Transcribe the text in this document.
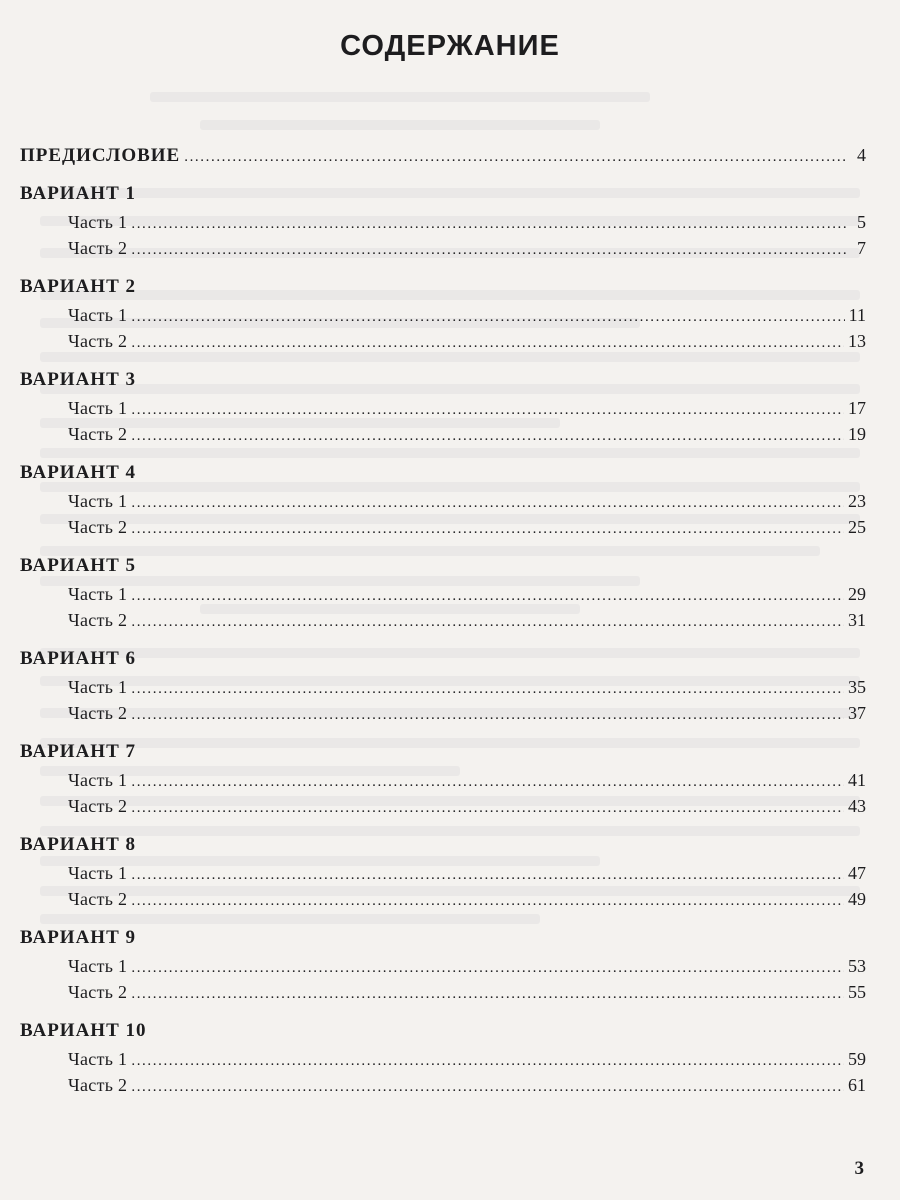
СОДЕРЖАНИЕ
ПРЕДИСЛОВИЕ .....	4
ВАРИАНТ 1
Часть 1 .....	5
Часть 2 .....	7
ВАРИАНТ 2
Часть 1 .....	11
Часть 2 .....	13
ВАРИАНТ 3
Часть 1 .....	17
Часть 2 .....	19
ВАРИАНТ 4
Часть 1 .....	23
Часть 2 .....	25
ВАРИАНТ 5
Часть 1 .....	29
Часть 2 .....	31
ВАРИАНТ 6
Часть 1 .....	35
Часть 2 .....	37
ВАРИАНТ 7
Часть 1 .....	41
Часть 2 .....	43
ВАРИАНТ 8
Часть 1 .....	47
Часть 2 .....	49
ВАРИАНТ 9
Часть 1 .....	53
Часть 2 .....	55
ВАРИАНТ 10
Часть 1 .....	59
Часть 2 .....	61
3
